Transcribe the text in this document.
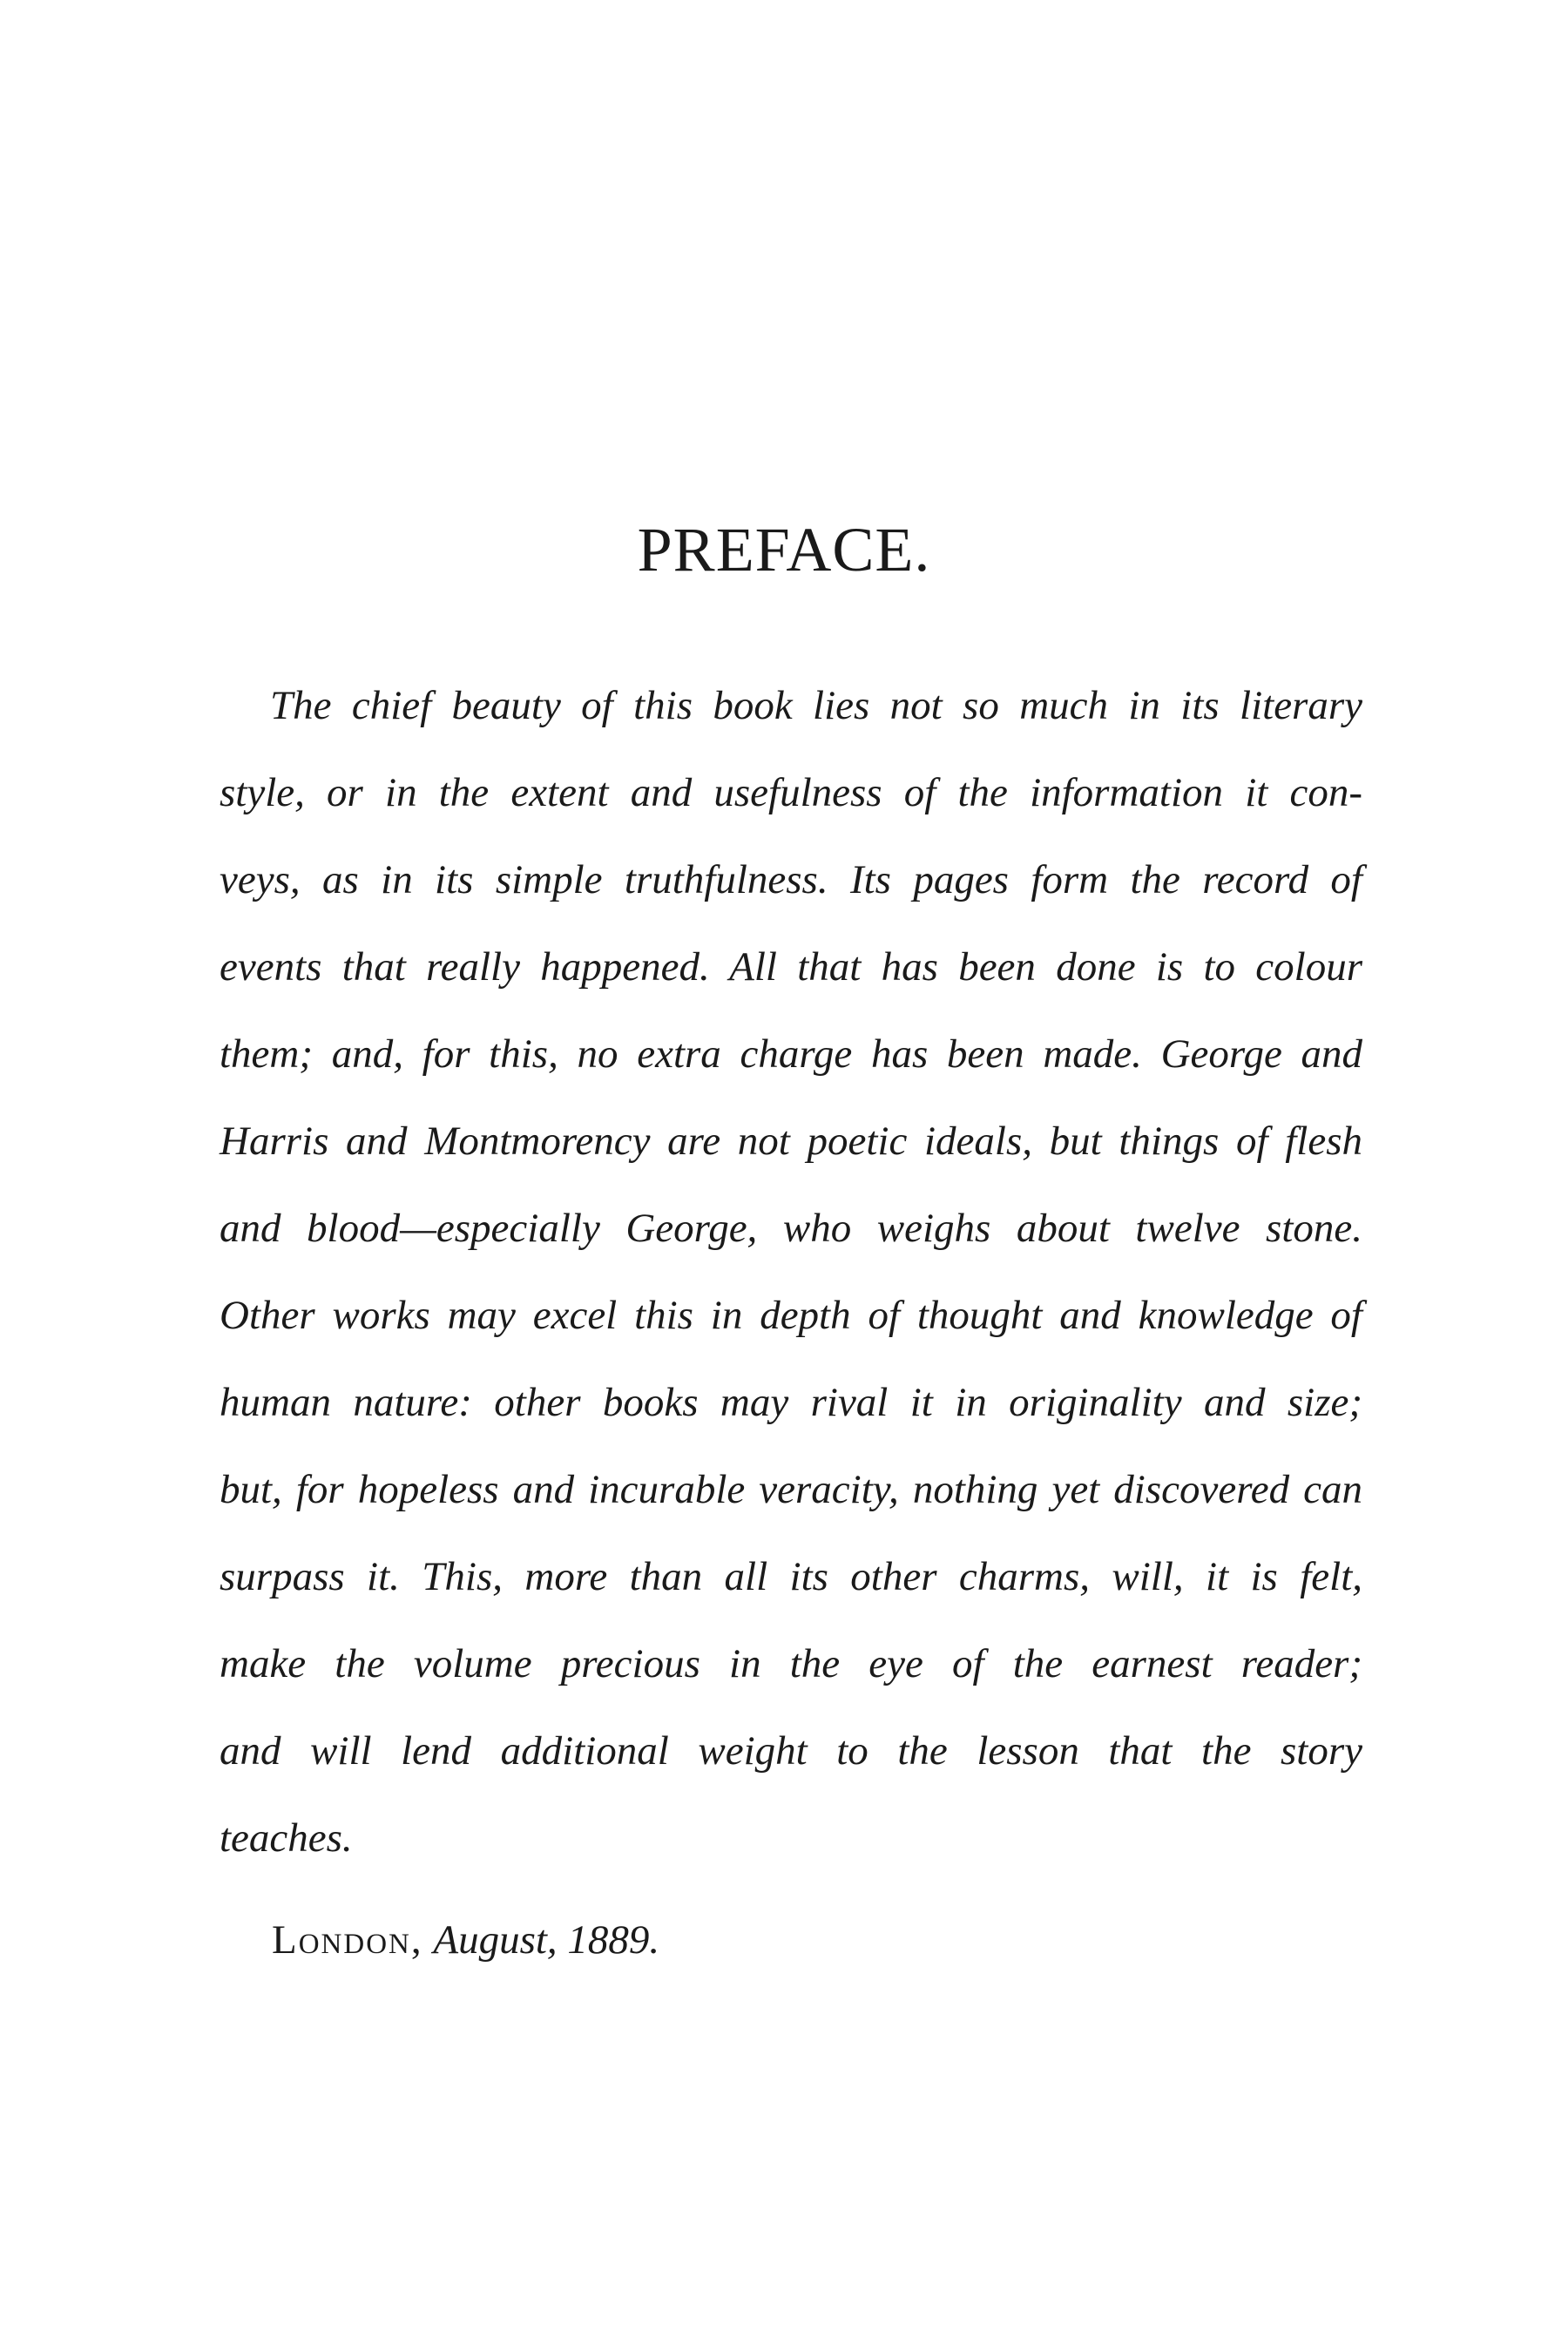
PREFACE.
The chief beauty of this book lies not so much in its literary
style, or in the extent and usefulness of the information it con-
veys, as in its simple truthfulness. Its pages form the record of
events that really happened. All that has been done is to colour
them; and, for this, no extra charge has been made. George and
Harris and Montmorency are not poetic ideals, but things of flesh
and blood—especially George, who weighs about twelve stone.
Other works may excel this in depth of thought and knowledge of
human nature: other books may rival it in originality and size;
but, for hopeless and incurable veracity, nothing yet discovered can
surpass it. This, more than all its other charms, will, it is felt,
make the volume precious in the eye of the earnest reader;
and will lend additional weight to the lesson that the story
teaches.
London, August, 1889.
